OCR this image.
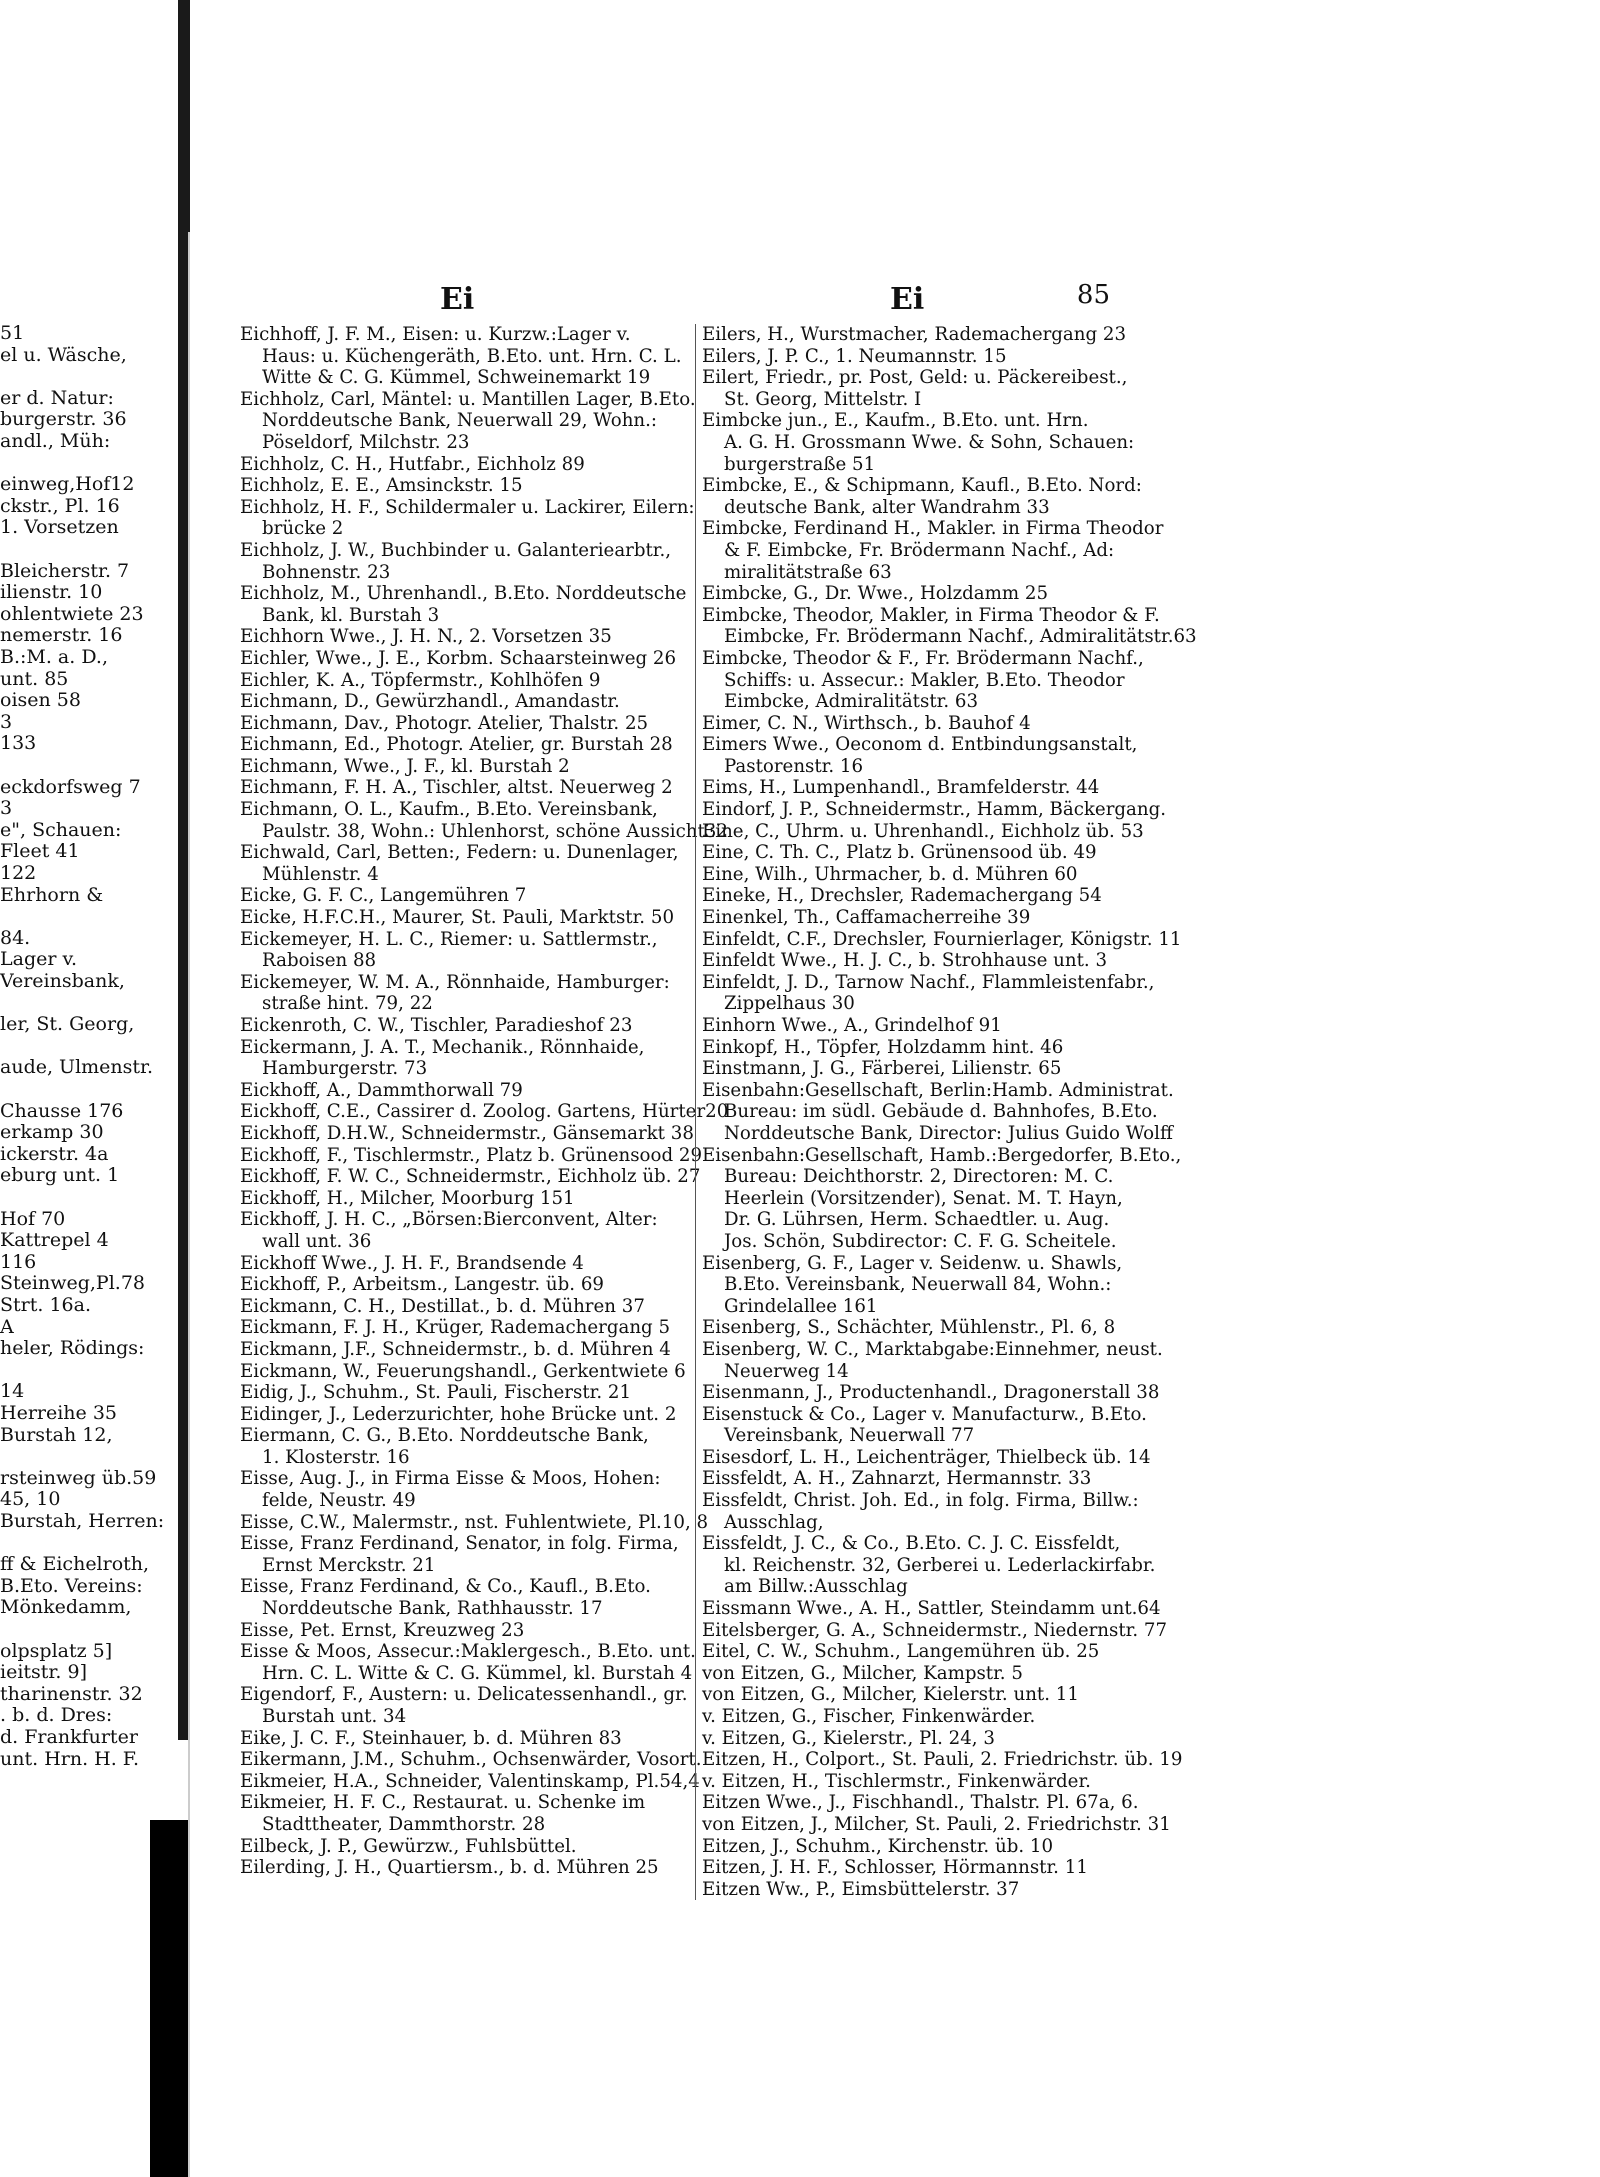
51
el u. Wäsche,
er d. Natur:
burgerstr. 36
andl., Müh:
einweg,Hof12
ckstr., Pl. 16
1. Vorsetzen
Bleicherstr. 7
ilienstr. 10
ohlentwiete 23
nemerstr. 16
B.:M. a. D.,
unt. 85
oisen 58
3
133
eckdorfsweg 7
3
e", Schauen:
Fleet 41
122
Ehrhorn &
84.
Lager v.
Vereinsbank,
ler, St. Georg,
aude, Ulmenstr.
Chausse 176
erkamp 30
ickerstr. 4a
eburg unt. 1
Hof 70
Kattrepel 4
116
Steinweg,Pl.78
Strt. 16a.
A
heler, Rödings:
14
Herreihe 35
Burstah 12,
rsteinweg üb.59
45, 10
Burstah, Herren:
ff & Eichelroth,
B.Eto. Vereins:
Mönkedamm,
olpsplatz 5]
ieitstr. 9]
tharinenstr. 32
. b. d. Dres:
d. Frankfurter
unt. Hrn. H. F.
Ei	Ei	85
Eichhoff, J. F. M., Eisen: u. Kurzw.:Lager v.
Haus: u. Küchengeräth, B.Eto. unt. Hrn. C. L.
Witte & C. G. Kümmel, Schweinemarkt 19
Eichholz, Carl, Mäntel: u. Mantillen Lager, B.Eto.
Norddeutsche Bank, Neuerwall 29, Wohn.:
Pöseldorf, Milchstr. 23
Eichholz, C. H., Hutfabr., Eichholz 89
Eichholz, E. E., Amsinckstr. 15
Eichholz, H. F., Schildermaler u. Lackirer, Eilern:
brücke 2
Eichholz, J. W., Buchbinder u. Galanteriearbtr.,
Bohnenstr. 23
Eichholz, M., Uhrenhandl., B.Eto. Norddeutsche
Bank, kl. Burstah 3
Eichhorn Wwe., J. H. N., 2. Vorsetzen 35
Eichler, Wwe., J. E., Korbm. Schaarsteinweg 26
Eichler, K. A., Töpfermstr., Kohlhöfen 9
Eichmann, D., Gewürzhandl., Amandastr.
Eichmann, Dav., Photogr. Atelier, Thalstr. 25
Eichmann, Ed., Photogr. Atelier, gr. Burstah 28
Eichmann, Wwe., J. F., kl. Burstah 2
Eichmann, F. H. A., Tischler, altst. Neuerweg 2
Eichmann, O. L., Kaufm., B.Eto. Vereinsbank,
Paulstr. 38, Wohn.: Uhlenhorst, schöne Aussicht32
Eichwald, Carl, Betten:, Federn: u. Dunenlager,
Mühlenstr. 4
Eicke, G. F. C., Langemühren 7
Eicke, H.F.C.H., Maurer, St. Pauli, Marktstr. 50
Eickemeyer, H. L. C., Riemer: u. Sattlermstr.,
Raboisen 88
Eickemeyer, W. M. A., Rönnhaide, Hamburger:
straße hint. 79, 22
Eickenroth, C. W., Tischler, Paradieshof 23
Eickermann, J. A. T., Mechanik., Rönnhaide,
Hamburgerstr. 73
Eickhoff, A., Dammthorwall 79
Eickhoff, C.E., Cassirer d. Zoolog. Gartens, Hürter20
Eickhoff, D.H.W., Schneidermstr., Gänsemarkt 38
Eickhoff, F., Tischlermstr., Platz b. Grünensood 29
Eickhoff, F. W. C., Schneidermstr., Eichholz üb. 27
Eickhoff, H., Milcher, Moorburg 151
Eickhoff, J. H. C., „Börsen:Bierconvent, Alter:
wall unt. 36
Eickhoff Wwe., J. H. F., Brandsende 4
Eickhoff, P., Arbeitsm., Langestr. üb. 69
Eickmann, C. H., Destillat., b. d. Mühren 37
Eickmann, F. J. H., Krüger, Rademachergang 5
Eickmann, J.F., Schneidermstr., b. d. Mühren 4
Eickmann, W., Feuerungshandl., Gerkentwiete 6
Eidig, J., Schuhm., St. Pauli, Fischerstr. 21
Eidinger, J., Lederzurichter, hohe Brücke unt. 2
Eiermann, C. G., B.Eto. Norddeutsche Bank,
1. Klosterstr. 16
Eisse, Aug. J., in Firma Eisse & Moos, Hohen:
felde, Neustr. 49
Eisse, C.W., Malermstr., nst. Fuhlentwiete, Pl.10, 8
Eisse, Franz Ferdinand, Senator, in folg. Firma,
Ernst Merckstr. 21
Eisse, Franz Ferdinand, & Co., Kaufl., B.Eto.
Norddeutsche Bank, Rathhausstr. 17
Eisse, Pet. Ernst, Kreuzweg 23
Eisse & Moos, Assecur.:Maklergesch., B.Eto. unt.
Hrn. C. L. Witte & C. G. Kümmel, kl. Burstah 4
Eigendorf, F., Austern: u. Delicatessenhandl., gr.
Burstah unt. 34
Eike, J. C. F., Steinhauer, b. d. Mühren 83
Eikermann, J.M., Schuhm., Ochsenwärder, Vosort.
Eikmeier, H.A., Schneider, Valentinskamp, Pl.54,4
Eikmeier, H. F. C., Restaurat. u. Schenke im
Stadttheater, Dammthorstr. 28
Eilbeck, J. P., Gewürzw., Fuhlsbüttel.
Eilerding, J. H., Quartiersm., b. d. Mühren 25
Eilers, H., Wurstmacher, Rademachergang 23
Eilers, J. P. C., 1. Neumannstr. 15
Eilert, Friedr., pr. Post, Geld: u. Päckereibest.,
St. Georg, Mittelstr. I
Eimbcke jun., E., Kaufm., B.Eto. unt. Hrn.
A. G. H. Grossmann Wwe. & Sohn, Schauen:
burgerstraße 51
Eimbcke, E., & Schipmann, Kaufl., B.Eto. Nord:
deutsche Bank, alter Wandrahm 33
Eimbcke, Ferdinand H., Makler. in Firma Theodor
& F. Eimbcke, Fr. Brödermann Nachf., Ad:
miralitätstraße 63
Eimbcke, G., Dr. Wwe., Holzdamm 25
Eimbcke, Theodor, Makler, in Firma Theodor & F.
Eimbcke, Fr. Brödermann Nachf., Admiralitätstr.63
Eimbcke, Theodor & F., Fr. Brödermann Nachf.,
Schiffs: u. Assecur.: Makler, B.Eto. Theodor
Eimbcke, Admiralitätstr. 63
Eimer, C. N., Wirthsch., b. Bauhof 4
Eimers Wwe., Oeconom d. Entbindungsanstalt,
Pastorenstr. 16
Eims, H., Lumpenhandl., Bramfelderstr. 44
Eindorf, J. P., Schneidermstr., Hamm, Bäckergang.
Eine, C., Uhrm. u. Uhrenhandl., Eichholz üb. 53
Eine, C. Th. C., Platz b. Grünensood üb. 49
Eine, Wilh., Uhrmacher, b. d. Mühren 60
Eineke, H., Drechsler, Rademachergang 54
Einenkel, Th., Caffamacherreihe 39
Einfeldt, C.F., Drechsler, Fournierlager, Königstr. 11
Einfeldt Wwe., H. J. C., b. Strohhause unt. 3
Einfeldt, J. D., Tarnow Nachf., Flammleistenfabr.,
Zippelhaus 30
Einhorn Wwe., A., Grindelhof 91
Einkopf, H., Töpfer, Holzdamm hint. 46
Einstmann, J. G., Färberei, Lilienstr. 65
Eisenbahn:Gesellschaft, Berlin:Hamb. Administrat.
Bureau: im südl. Gebäude d. Bahnhofes, B.Eto.
Norddeutsche Bank, Director: Julius Guido Wolff
Eisenbahn:Gesellschaft, Hamb.:Bergedorfer, B.Eto.,
Bureau: Deichthorstr. 2, Directoren: M. C.
Heerlein (Vorsitzender), Senat. M. T. Hayn,
Dr. G. Lührsen, Herm. Schaedtler. u. Aug.
Jos. Schön, Subdirector: C. F. G. Scheitele.
Eisenberg, G. F., Lager v. Seidenw. u. Shawls,
B.Eto. Vereinsbank, Neuerwall 84, Wohn.:
Grindelallee 161
Eisenberg, S., Schächter, Mühlenstr., Pl. 6, 8
Eisenberg, W. C., Marktabgabe:Einnehmer, neust.
Neuerweg 14
Eisenmann, J., Productenhandl., Dragonerstall 38
Eisenstuck & Co., Lager v. Manufacturw., B.Eto.
Vereinsbank, Neuerwall 77
Eisesdorf, L. H., Leichenträger, Thielbeck üb. 14
Eissfeldt, A. H., Zahnarzt, Hermannstr. 33
Eissfeldt, Christ. Joh. Ed., in folg. Firma, Billw.:
Ausschlag,
Eissfeldt, J. C., & Co., B.Eto. C. J. C. Eissfeldt,
kl. Reichenstr. 32, Gerberei u. Lederlackirfabr.
am Billw.:Ausschlag
Eissmann Wwe., A. H., Sattler, Steindamm unt.64
Eitelsberger, G. A., Schneidermstr., Niedernstr. 77
Eitel, C. W., Schuhm., Langemühren üb. 25
von Eitzen, G., Milcher, Kampstr. 5
von Eitzen, G., Milcher, Kielerstr. unt. 11
v. Eitzen, G., Fischer, Finkenwärder.
v. Eitzen, G., Kielerstr., Pl. 24, 3
Eitzen, H., Colport., St. Pauli, 2. Friedrichstr. üb. 19
v. Eitzen, H., Tischlermstr., Finkenwärder.
Eitzen Wwe., J., Fischhandl., Thalstr. Pl. 67a, 6.
von Eitzen, J., Milcher, St. Pauli, 2. Friedrichstr. 31
Eitzen, J., Schuhm., Kirchenstr. üb. 10
Eitzen, J. H. F., Schlosser, Hörmannstr. 11
Eitzen Ww., P., Eimsbüttelerstr. 37
